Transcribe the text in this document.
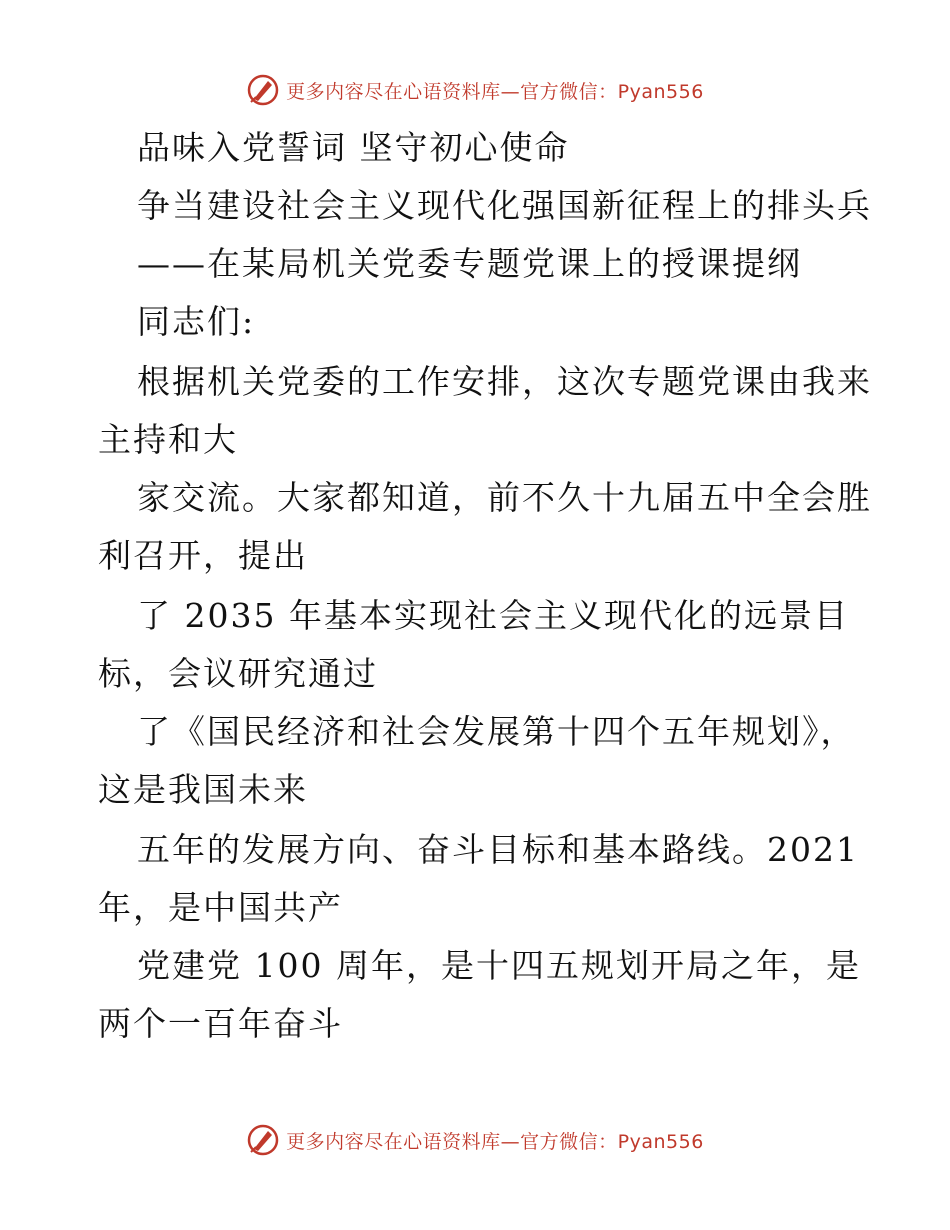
更多内容尽在心语资料库—官方微信：Pyan556
品味入党誓词 坚守初心使命
争当建设社会主义现代化强国新征程上的排头兵
——在某局机关党委专题党课上的授课提纲
同志们:
根据机关党委的工作安排，这次专题党课由我来
主持和大
家交流。大家都知道，前不久十九届五中全会胜
利召开，提出
了 2035 年基本实现社会主义现代化的远景目
标，会议研究通过
了《国民经济和社会发展第十四个五年规划》，
这是我国未来
五年的发展方向、奋斗目标和基本路线。2021
年，是中国共产
党建党 100 周年，是十四五规划开局之年，是
两个一百年奋斗
更多内容尽在心语资料库—官方微信：Pyan556
